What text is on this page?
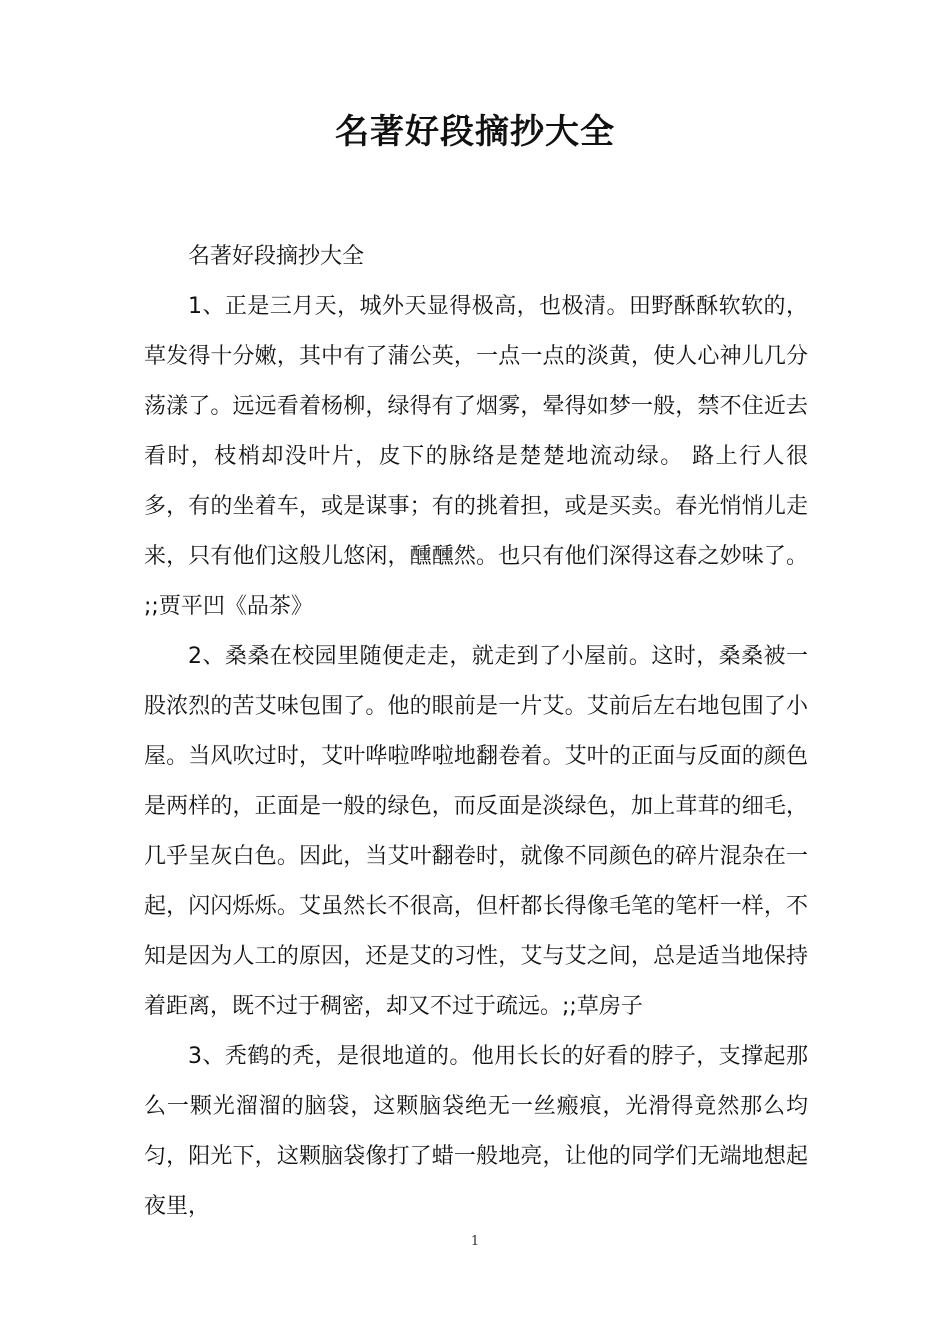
名著好段摘抄大全

名著好段摘抄大全

1、正是三月天，城外天显得极高，也极清。田野酥酥软软的，草发得十分嫩，其中有了蒲公英，一点一点的淡黄，使人心神儿几分荡漾了。远远看着杨柳，绿得有了烟雾，晕得如梦一般，禁不住近去看时，枝梢却没叶片，皮下的脉络是楚楚地流动绿。 路上行人很多，有的坐着车，或是谋事；有的挑着担，或是买卖。春光悄悄儿走来，只有他们这般儿悠闲，醺醺然。也只有他们深得这春之妙味了。 ;;贾平凹《品茶》

2、桑桑在校园里随便走走，就走到了小屋前。这时，桑桑被一股浓烈的苦艾味包围了。他的眼前是一片艾。艾前后左右地包围了小屋。当风吹过时，艾叶哗啦哗啦地翻卷着。艾叶的正面与反面的颜色是两样的，正面是一般的绿色，而反面是淡绿色，加上茸茸的细毛，几乎呈灰白色。因此，当艾叶翻卷时，就像不同颜色的碎片混杂在一起，闪闪烁烁。艾虽然长不很高，但杆都长得像毛笔的笔杆一样，不知是因为人工的原因，还是艾的习性，艾与艾之间，总是适当地保持着距离，既不过于稠密，却又不过于疏远。;;草房子

3、秃鹤的秃，是很地道的。他用长长的好看的脖子，支撑起那么一颗光溜溜的脑袋，这颗脑袋绝无一丝瘢痕，光滑得竟然那么均匀，阳光下，这颗脑袋像打了蜡一般地亮，让他的同学们无端地想起夜里，

1
